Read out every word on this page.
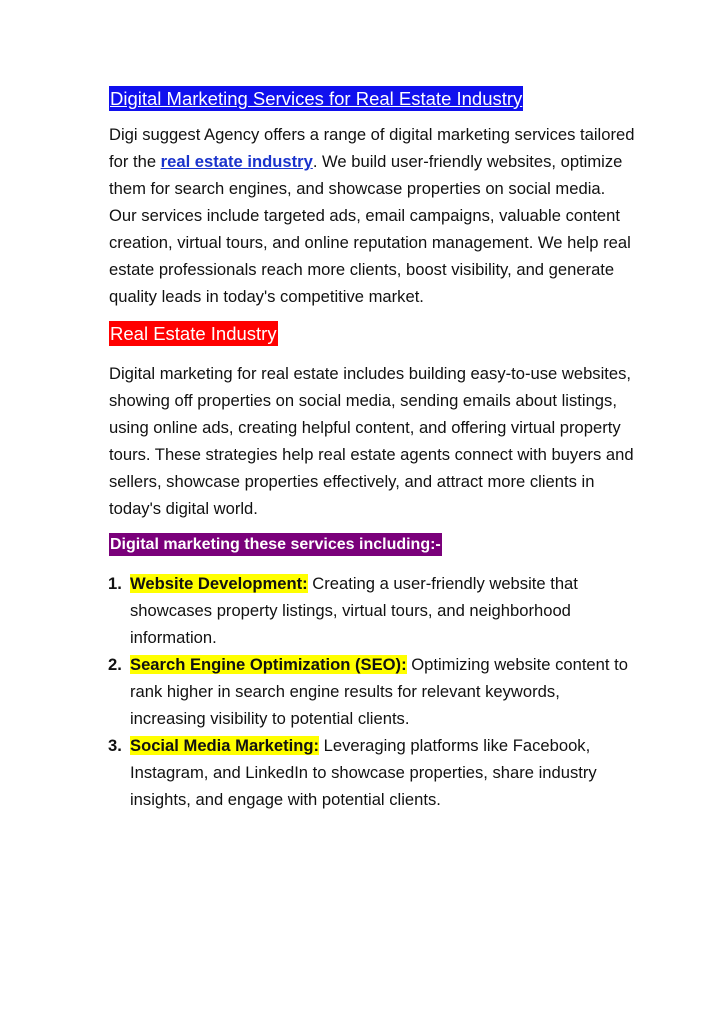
Digital Marketing Services for Real Estate Industry

Digi suggest Agency offers a range of digital marketing services tailored for the real estate industry. We build user-friendly websites, optimize them for search engines, and showcase properties on social media. Our services include targeted ads, email campaigns, valuable content creation, virtual tours, and online reputation management. We help real estate professionals reach more clients, boost visibility, and generate quality leads in today's competitive market.

Real Estate Industry

Digital marketing for real estate includes building easy-to-use websites, showing off properties on social media, sending emails about listings, using online ads, creating helpful content, and offering virtual property tours. These strategies help real estate agents connect with buyers and sellers, showcase properties effectively, and attract more clients in today's digital world.

Digital marketing these services including:-
1. Website Development: Creating a user-friendly website that showcases property listings, virtual tours, and neighborhood information.
2. Search Engine Optimization (SEO): Optimizing website content to rank higher in search engine results for relevant keywords, increasing visibility to potential clients.
3. Social Media Marketing: Leveraging platforms like Facebook, Instagram, and LinkedIn to showcase properties, share industry insights, and engage with potential clients.
